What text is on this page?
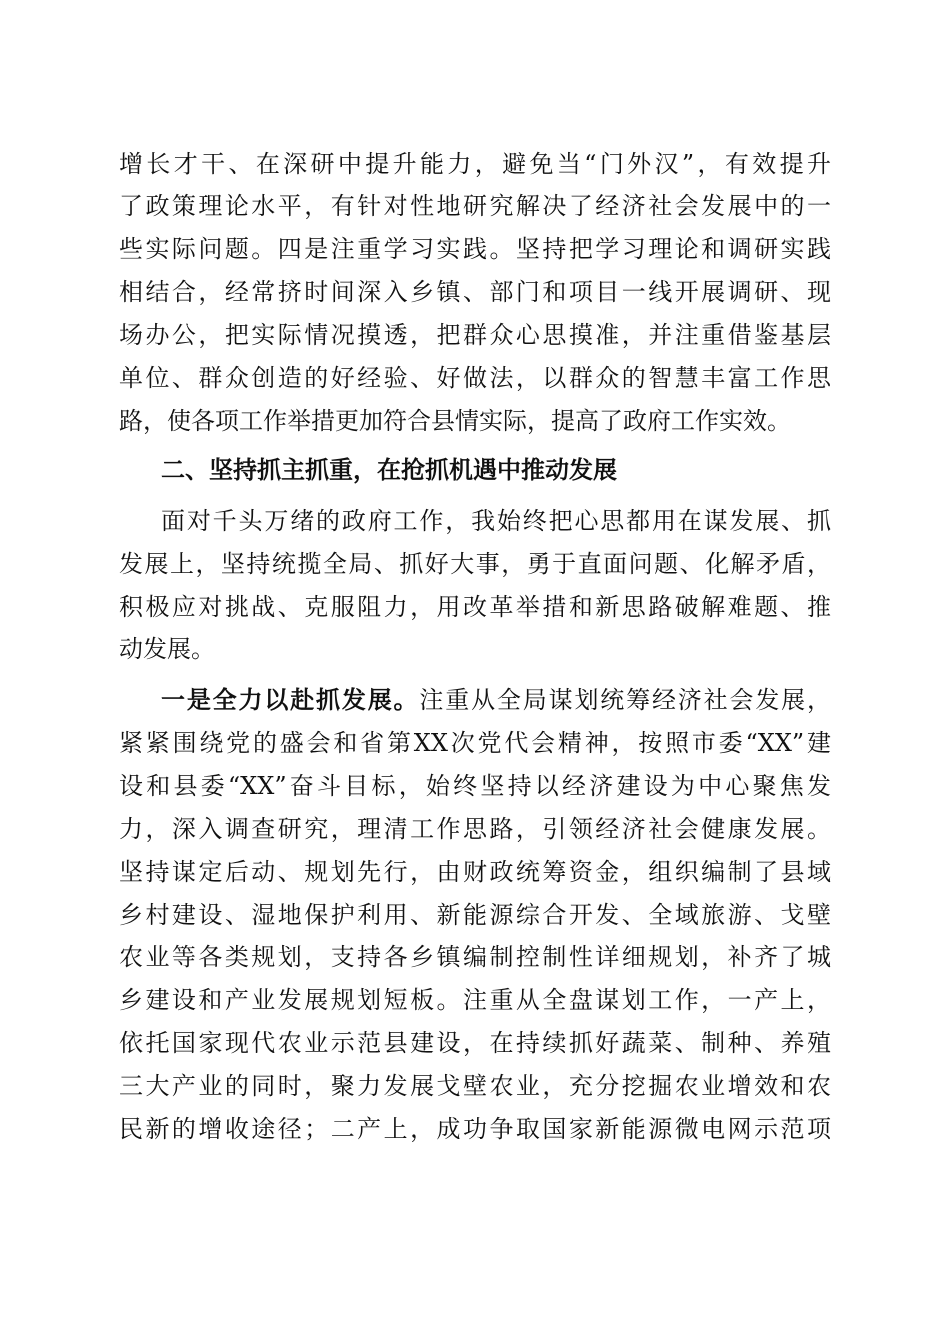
增长才干、在深研中提升能力，避免当“门外汉”，有效提升
了政策理论水平，有针对性地研究解决了经济社会发展中的一
些实际问题。四是注重学习实践。坚持把学习理论和调研实践
相结合，经常挤时间深入乡镇、部门和项目一线开展调研、现
场办公，把实际情况摸透，把群众心思摸准，并注重借鉴基层
单位、群众创造的好经验、好做法，以群众的智慧丰富工作思
路，使各项工作举措更加符合县情实际，提高了政府工作实效。
二、坚持抓主抓重，在抢抓机遇中推动发展
面对千头万绪的政府工作，我始终把心思都用在谋发展、抓
发展上，坚持统揽全局、抓好大事，勇于直面问题、化解矛盾，
积极应对挑战、克服阻力，用改革举措和新思路破解难题、推
动发展。
一是全力以赴抓发展。注重从全局谋划统筹经济社会发展，
紧紧围绕党的盛会和省第XX次党代会精神，按照市委“XX”建
设和县委“XX”奋斗目标，始终坚持以经济建设为中心聚焦发
力，深入调查研究，理清工作思路，引领经济社会健康发展。
坚持谋定后动、规划先行，由财政统筹资金，组织编制了县域
乡村建设、湿地保护利用、新能源综合开发、全域旅游、戈壁
农业等各类规划，支持各乡镇编制控制性详细规划，补齐了城
乡建设和产业发展规划短板。注重从全盘谋划工作，一产上，
依托国家现代农业示范县建设，在持续抓好蔬菜、制种、养殖
三大产业的同时，聚力发展戈壁农业，充分挖掘农业增效和农
民新的增收途径；二产上，成功争取国家新能源微电网示范项
